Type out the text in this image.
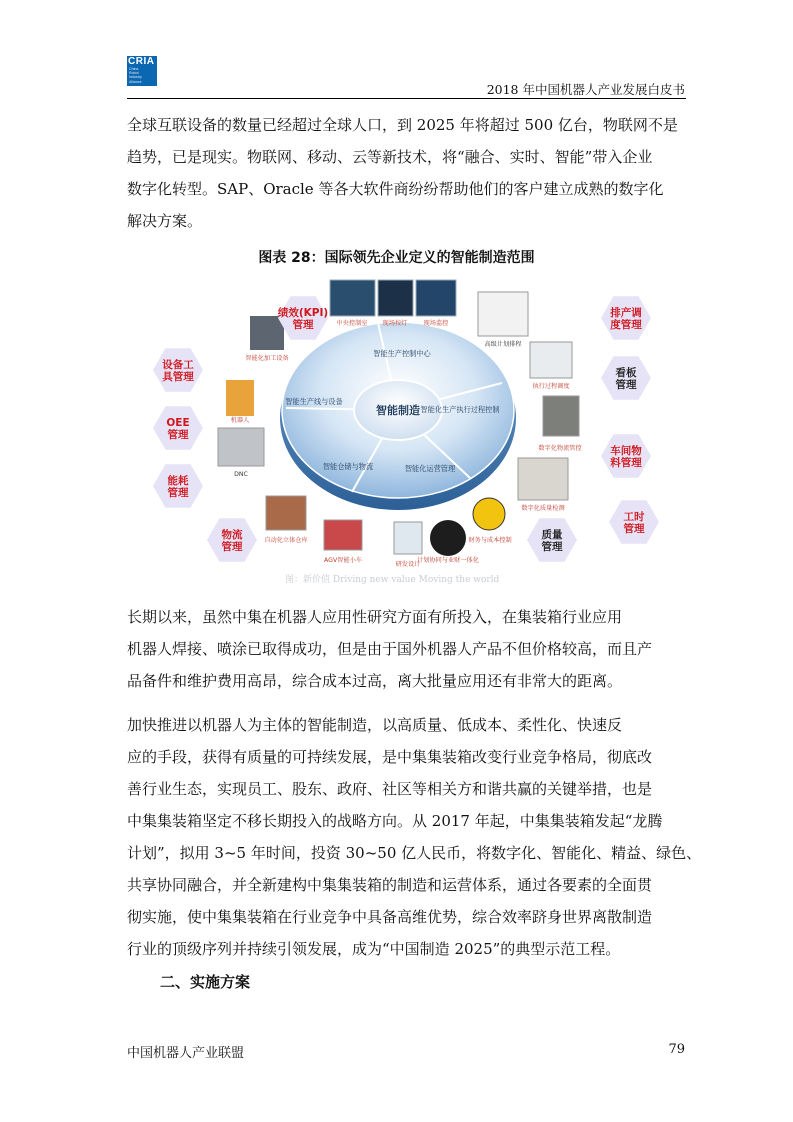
CRIA
China
Robot
Industry
Alliance
2018 年中国机器人产业发展白皮书
全球互联设备的数量已经超过全球人口，到 2025 年将超过 500 亿台，物联网不是
趋势，已是现实。物联网、移动、云等新技术，将“融合、实时、智能”带入企业
数字化转型。SAP、Oracle 等各大软件商纷纷帮助他们的客户建立成熟的数字化
解决方案。
图表 28：国际领先企业定义的智能制造范围
智能制造
智能生产控制中心
智能化生产执行过程控制
智能化运营管理
智能仓储与物流
智能生产线与设备
中央控制室 现场按灯	现场监控
高级计划排程
执行过程调度
数字化物流管控
数字化质量检测
计划协同与业财一体化
财务与成本控制
研发设计
AGV智能小车
自动化立体仓库
DNC
机器人
智能化加工设备
绩效(KPI)
管理
设备工
具管理
OEE
管理
能耗
管理
物流
管理
排产调
度管理
看板
管理
车间物
料管理
工时
管理
质量
管理
图：新价值 Driving new value Moving the world
长期以来，虽然中集在机器人应用性研究方面有所投入，在集装箱行业应用
机器人焊接、喷涂已取得成功，但是由于国外机器人产品不但价格较高，而且产
品备件和维护费用高昂，综合成本过高，离大批量应用还有非常大的距离。
加快推进以机器人为主体的智能制造，以高质量、低成本、柔性化、快速反
应的手段，获得有质量的可持续发展，是中集集装箱改变行业竞争格局，彻底改
善行业生态，实现员工、股东、政府、社区等相关方和谐共赢的关键举措，也是
中集集装箱坚定不移长期投入的战略方向。从 2017 年起，中集集装箱发起“龙腾
计划”，拟用 3~5 年时间，投资 30~50 亿人民币，将数字化、智能化、精益、绿色、
共享协同融合，并全新建构中集集装箱的制造和运营体系，通过各要素的全面贯
彻实施，使中集集装箱在行业竞争中具备高维优势，综合效率跻身世界离散制造
行业的顶级序列并持续引领发展，成为“中国制造 2025”的典型示范工程。
二、实施方案
中国机器人产业联盟	79
